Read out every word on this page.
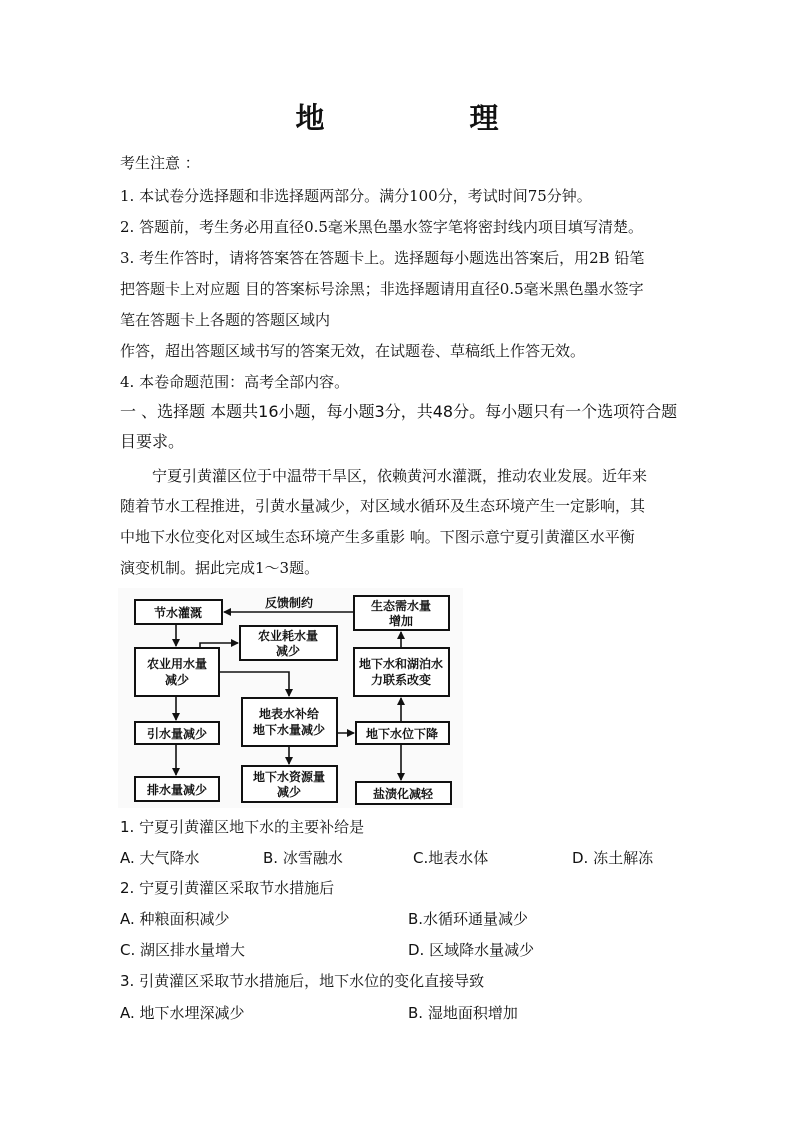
地　理
考生注意 ：
1. 本试卷分选择题和非选择题两部分。满分100分，考试时间75分钟。
2. 答题前，考生务必用直径0.5毫米黑色墨水签字笔将密封线内项目填写清楚。
3. 考生作答时，请将答案答在答题卡上。选择题每小题选出答案后，用2B 铅笔
把答题卡上对应题 目的答案标号涂黑；非选择题请用直径0.5毫米黑色墨水签字
笔在答题卡上各题的答题区域内
作答，超出答题区域书写的答案无效，在试题卷、草稿纸上作答无效。
4. 本卷命题范围：高考全部内容。
一 、选择题 本题共16小题，每小题3分，共48分。每小题只有一个选项符合题
目要求。
宁夏引黄灌区位于中温带干旱区，依赖黄河水灌溉，推动农业发展。近年来
随着节水工程推进，引黄水量减少，对区域水循环及生态环境产生一定影响，其
中地下水位变化对区域生态环境产生多重影 响。下图示意宁夏引黄灌区水平衡
演变机制。据此完成1～3题。
反馈制约
节水灌溉	生态需水量
增加
农业耗水量
减少
农业用水量
减少
地下水和湖泊水
力联系改变
地表水补给
地下水量减少
引水量减少	地下水位下降
排水量减少
地下水资源量
减少	盐渍化减轻
1. 宁夏引黄灌区地下水的主要补给是
A. 大气降水	B. 冰雪融水	C.地表水体	D. 冻土解冻
2. 宁夏引黄灌区采取节水措施后
A. 种粮面积减少	B.水循环通量减少
C. 湖区排水量增大	D. 区域降水量减少
3. 引黄灌区采取节水措施后，地下水位的变化直接导致
A. 地下水埋深减少	B. 湿地面积增加
